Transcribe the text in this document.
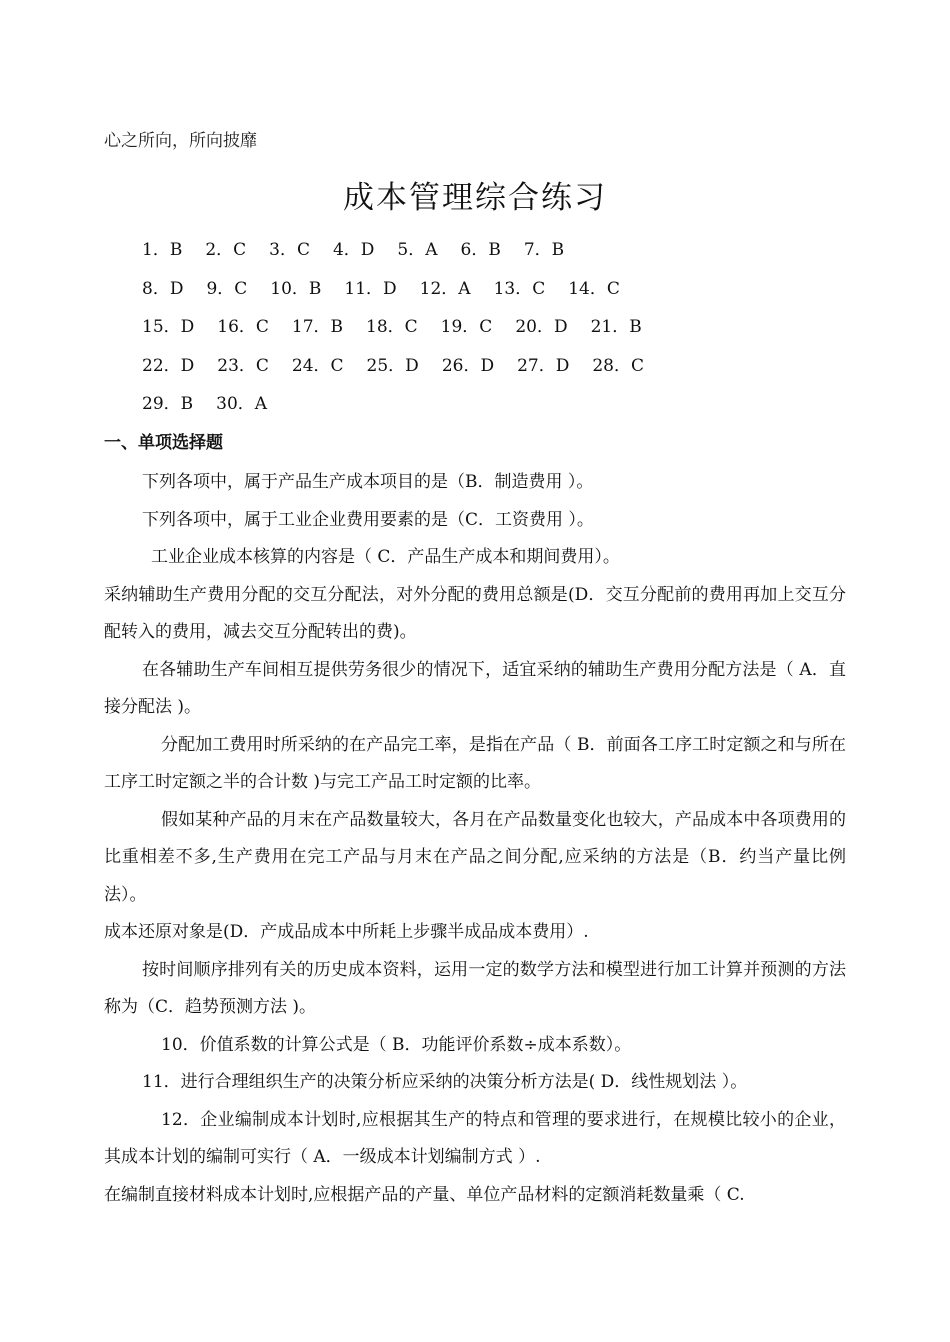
心之所向，所向披靡
成本管理综合练习
1．B 2．C 3．C 4．D 5．A 6．B 7．B
8．D 9．C 10．B 11．D 12．A 13．C 14．C
15．D 16．C 17．B 18．C 19．C 20．D 21．B
22．D 23．C 24．C 25．D 26．D 27．D 28．C
29．B 30．A
一、单项选择题

下列各项中，属于产品生产成本项目的是（B．制造费用 ）。

下列各项中，属于工业企业费用要素的是（C．工资费用 ）。

工业企业成本核算的内容是（ C．产品生产成本和期间费用）。

采纳辅助生产费用分配的交互分配法，对外分配的费用总额是(D．交互分配前的费用再加上交互分配转入的费用，减去交互分配转出的费)。

在各辅助生产车间相互提供劳务很少的情况下，适宜采纳的辅助生产费用分配方法是（ A．直接分配法 )。

分配加工费用时所采纳的在产品完工率，是指在产品（ B．前面各工序工时定额之和与所在工序工时定额之半的合计数 )与完工产品工时定额的比率。

假如某种产品的月末在产品数量较大，各月在产品数量变化也较大，产品成本中各项费用的比重相差不多,生产费用在完工产品与月末在产品之间分配,应采纳的方法是（B．约当产量比例法）。

成本还原对象是(D．产成品成本中所耗上步骤半成品成本费用）.

按时间顺序排列有关的历史成本资料，运用一定的数学方法和模型进行加工计算并预测的方法称为（C．趋势预测方法 )。

10．价值系数的计算公式是（ B．功能评价系数÷成本系数）。

11．进行合理组织生产的决策分析应采纳的决策分析方法是( D．线性规划法 ）。

12．企业编制成本计划时,应根据其生产的特点和管理的要求进行，在规模比较小的企业，其成本计划的编制可实行（ A．一级成本计划编制方式 ）.

在编制直接材料成本计划时,应根据产品的产量、单位产品材料的定额消耗数量乘（ C.
